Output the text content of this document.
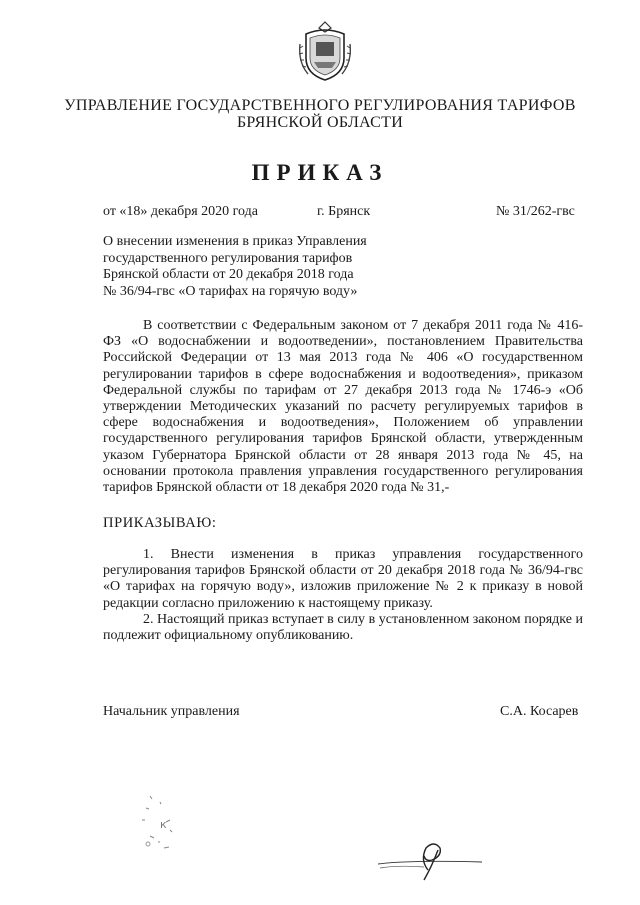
УПРАВЛЕНИЕ ГОСУДАРСТВЕННОГО РЕГУЛИРОВАНИЯ ТАРИФОВ
БРЯНСКОЙ ОБЛАСТИ
ПРИКАЗ
от «18» декабря 2020 года	г. Брянск	№ 31/262-гвс
О внесении изменения в приказ Управления
государственного регулирования тарифов
Брянской области от 20 декабря 2018 года
№ 36/94-гвс «О тарифах на горячую воду»

В соответствии с Федеральным законом от 7 декабря 2011 года № 416-ФЗ «О водоснабжении и водоотведении», постановлением Правительства Российской Федерации от 13 мая 2013 года № 406 «О государственном регулировании тарифов в сфере водоснабжения и водоотведения», приказом Федеральной службы по тарифам от 27 декабря 2013 года № 1746-э «Об утверждении Методических указаний по расчету регулируемых тарифов в сфере водоснабжения и водоотведения», Положением об управлении государственного регулирования тарифов Брянской области, утвержденным указом Губернатора Брянской области от 28 января 2013 года № 45, на основании протокола правления управления государственного регулирования тарифов Брянской области от 18 декабря 2020 года № 31,-

ПРИКАЗЫВАЮ:

1. Внести изменения в приказ управления государственного регулирования тарифов Брянской области от 20 декабря 2018 года № 36/94-гвс «О тарифах на горячую воду», изложив приложение № 2 к приказу в новой редакции согласно приложению к настоящему приказу.

2. Настоящий приказ вступает в силу в установленном законом порядке и подлежит официальному опубликованию.

Начальник управления	С.А. Косарев
к
